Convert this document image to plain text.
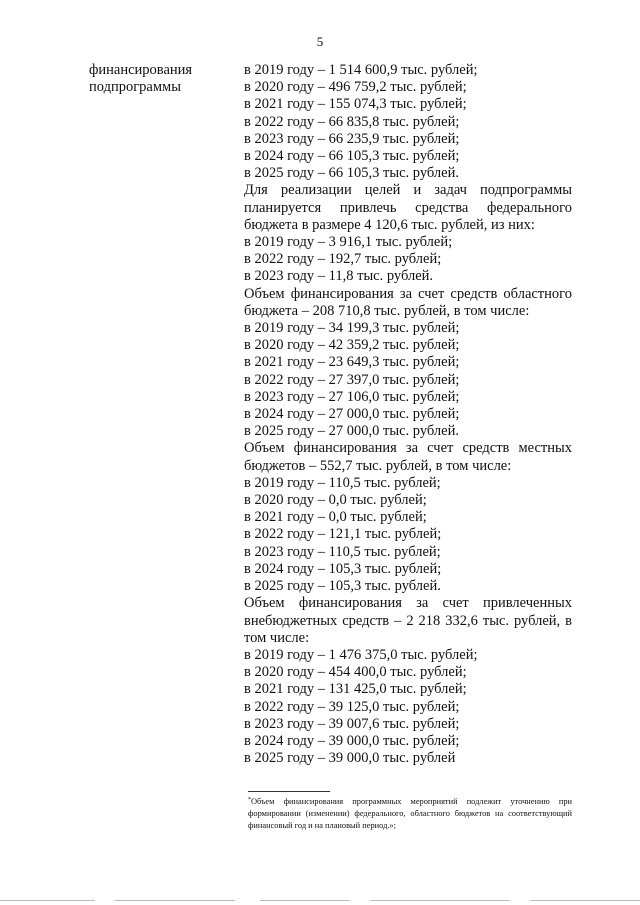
5
финансирования
подпрограммы
в 2019 году – 1 514 600,9 тыс. рублей;
в 2020 году – 496 759,2 тыс. рублей;
в 2021 году – 155 074,3 тыс. рублей;
в 2022 году – 66 835,8 тыс. рублей;
в 2023 году – 66 235,9 тыс. рублей;
в 2024 году – 66 105,3 тыс. рублей;
в 2025 году – 66 105,3 тыс. рублей.
Для реализации целей и задач подпрограммы планируется привлечь средства федерального бюджета в размере 4 120,6 тыс. рублей, из них:
в 2019 году – 3 916,1 тыс. рублей;
в 2022 году – 192,7 тыс. рублей;
в 2023 году – 11,8 тыс. рублей.
Объем финансирования за счет средств областного бюджета – 208 710,8 тыс. рублей, в том числе:
в 2019 году – 34 199,3 тыс. рублей;
в 2020 году – 42 359,2 тыс. рублей;
в 2021 году – 23 649,3 тыс. рублей;
в 2022 году – 27 397,0 тыс. рублей;
в 2023 году – 27 106,0 тыс. рублей;
в 2024 году – 27 000,0 тыс. рублей;
в 2025 году – 27 000,0 тыс. рублей.
Объем финансирования за счет средств местных бюджетов – 552,7 тыс. рублей, в том числе:
в 2019 году – 110,5 тыс. рублей;
в 2020 году – 0,0 тыс. рублей;
в 2021 году – 0,0 тыс. рублей;
в 2022 году – 121,1 тыс. рублей;
в 2023 году – 110,5 тыс. рублей;
в 2024 году – 105,3 тыс. рублей;
в 2025 году – 105,3 тыс. рублей.
Объем финансирования за счет привлеченных внебюджетных средств – 2 218 332,6 тыс. рублей, в том числе:
в 2019 году – 1 476 375,0 тыс. рублей;
в 2020 году – 454 400,0 тыс. рублей;
в 2021 году – 131 425,0 тыс. рублей;
в 2022 году – 39 125,0 тыс. рублей;
в 2023 году – 39 007,6 тыс. рублей;
в 2024 году – 39 000,0 тыс. рублей;
в 2025 году – 39 000,0 тыс. рублей
*Объем финансирования программных мероприятий подлежит уточнению при формировании (изменении) федерального, областного бюджетов на соответствующий финансовый год и на плановый период.»;
